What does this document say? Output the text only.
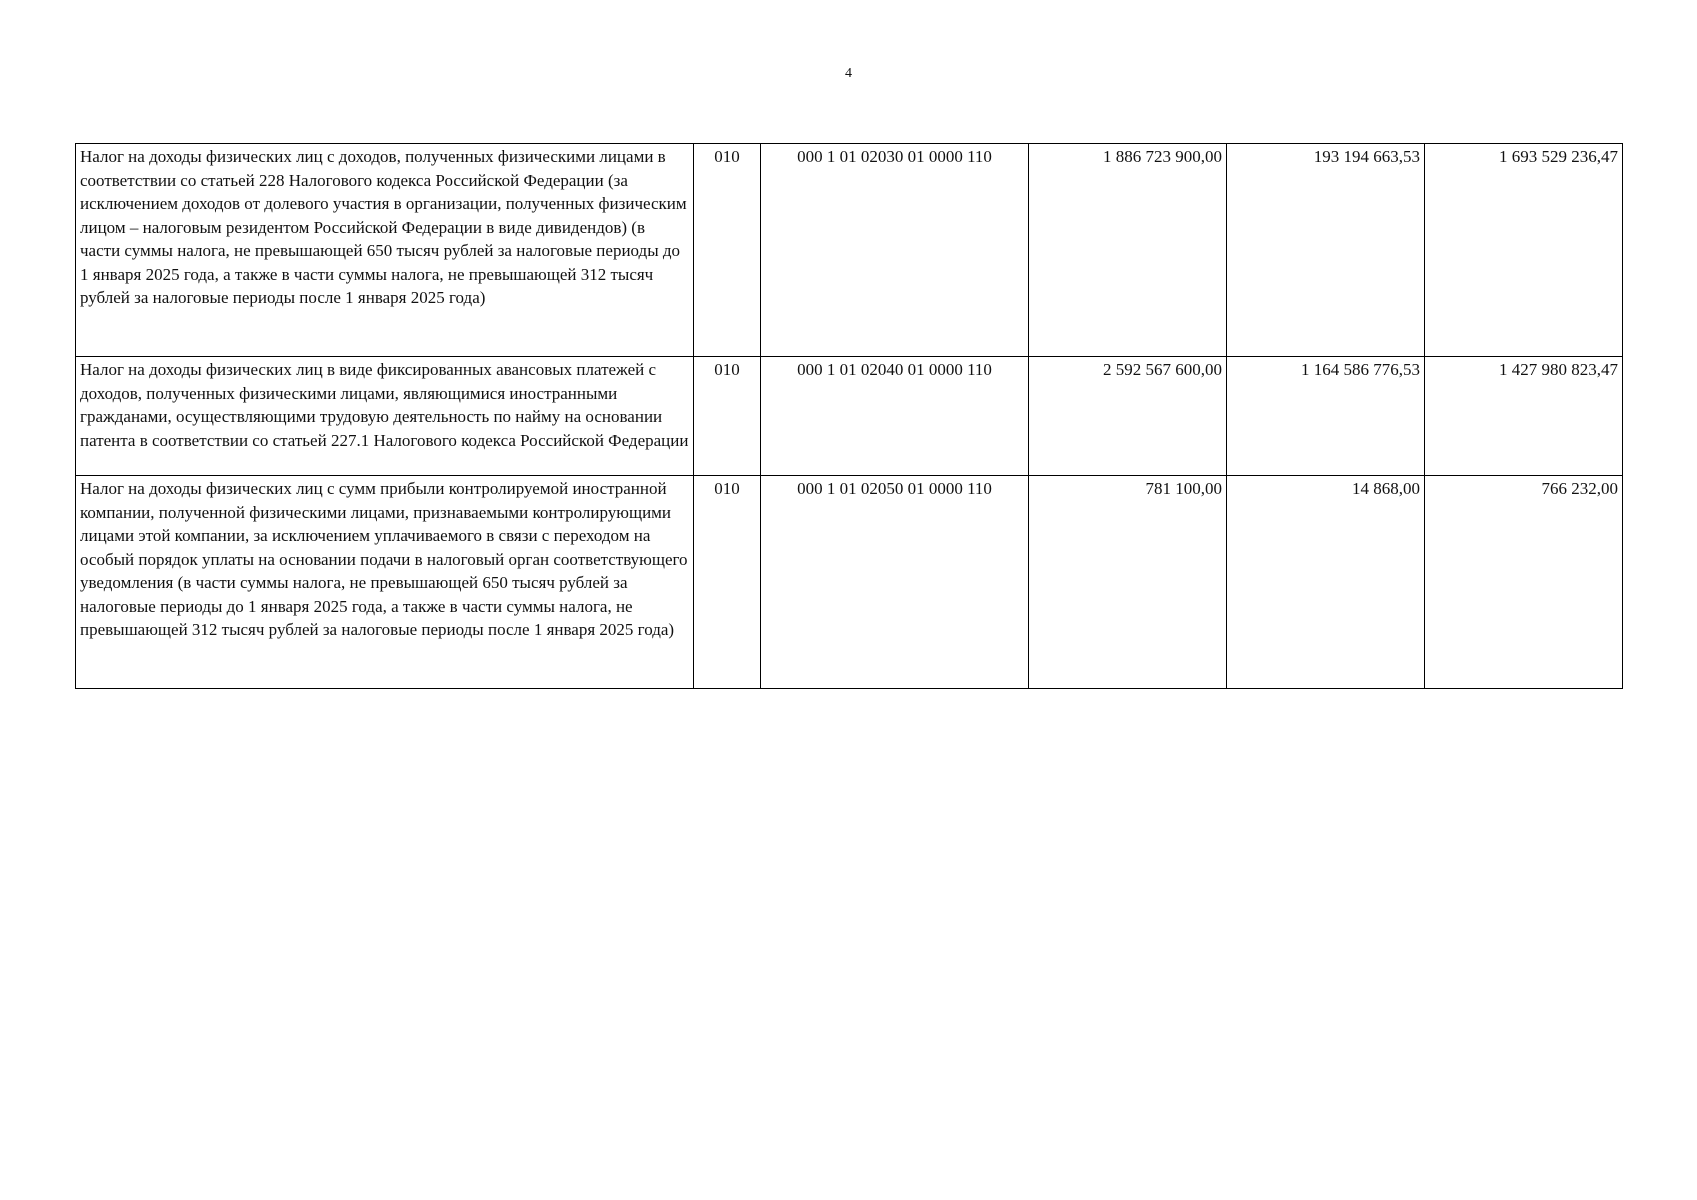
4
Налог на доходы физических лиц с доходов, полученных физическими лицами в соответствии со статьей 228 Налогового кодекса Российской Федерации (за исключением доходов от долевого участия в организации, полученных физическим лицом – налоговым резидентом Российской Федерации в виде дивидендов) (в части суммы налога, не превышающей 650 тысяч рублей за налоговые периоды до 1 января 2025 года, а также в части суммы налога, не превышающей 312 тысяч рублей за налоговые периоды после 1 января 2025 года)	010	000 1 01 02030 01 0000 110	1 886 723 900,00	193 194 663,53	1 693 529 236,47
Налог на доходы физических лиц в виде фиксированных авансовых платежей с доходов, полученных физическими лицами, являющимися иностранными гражданами, осуществляющими трудовую деятельность по найму на основании патента в соответствии со статьей 227.1 Налогового кодекса Российской Федерации	010	000 1 01 02040 01 0000 110	2 592 567 600,00	1 164 586 776,53	1 427 980 823,47
Налог на доходы физических лиц с сумм прибыли контролируемой иностранной компании, полученной физическими лицами, признаваемыми контролирующими лицами этой компании, за исключением уплачиваемого в связи с переходом на особый порядок уплаты на основании подачи в налоговый орган соответствующего уведомления (в части суммы налога, не превышающей 650 тысяч рублей за налоговые периоды до 1 января 2025 года, а также в части суммы налога, не превышающей 312 тысяч рублей за налоговые периоды после 1 января 2025 года)	010	000 1 01 02050 01 0000 110	781 100,00	14 868,00	766 232,00
